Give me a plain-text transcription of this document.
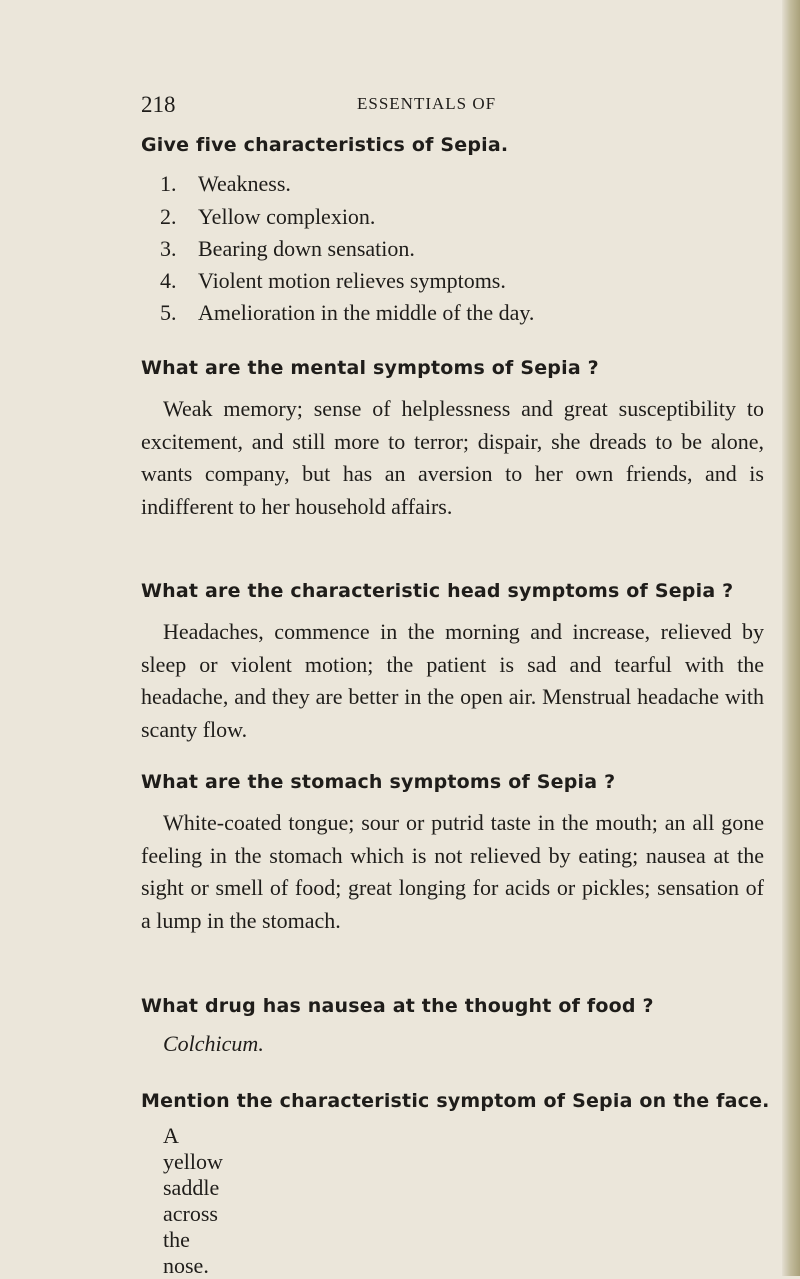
218	ESSENTIALS OF
Give five characteristics of Sepia.
1. Weakness.
2. Yellow complexion.
3. Bearing down sensation.
4. Violent motion relieves symptoms.
5. Amelioration in the middle of the day.
What are the mental symptoms of Sepia ?
Weak memory; sense of helplessness and great susceptibility to excitement, and still more to terror; dispair, she dreads to be alone, wants company, but has an aversion to her own friends, and is indifferent to her household affairs.
What are the characteristic head symptoms of Sepia ?
Headaches, commence in the morning and increase, relieved by sleep or violent motion; the patient is sad and tearful with the headache, and they are better in the open air. Menstrual headache with scanty flow.
What are the stomach symptoms of Sepia ?
White-coated tongue; sour or putrid taste in the mouth; an all gone feeling in the stomach which is not relieved by eating; nausea at the sight or smell of food; great longing for acids or pickles; sensation of a lump in the stomach.
What drug has nausea at the thought of food ?
Colchicum.
Mention the characteristic symptom of Sepia on the face.
A yellow saddle across the nose.
